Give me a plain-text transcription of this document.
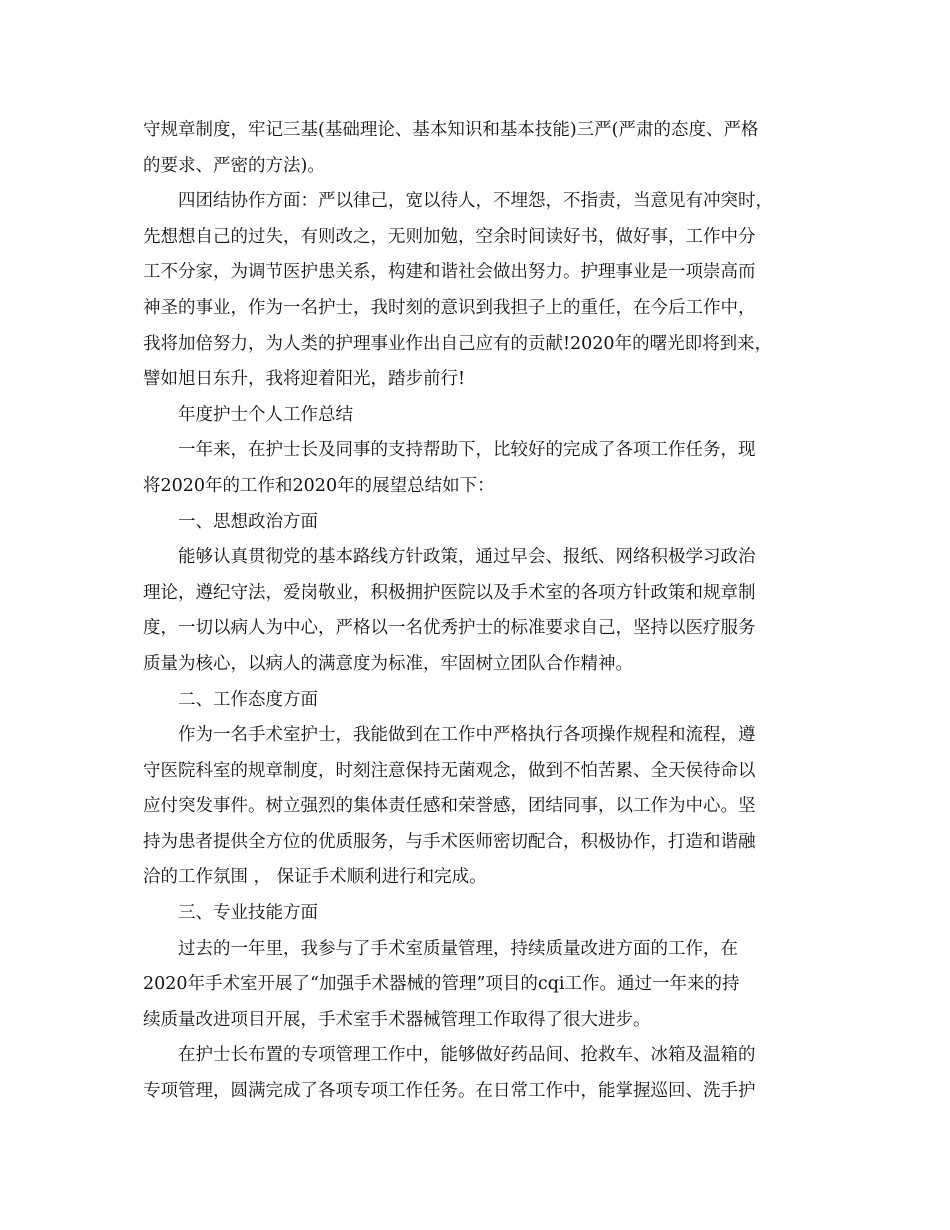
守规章制度，牢记三基(基础理论、基本知识和基本技能)三严(严肃的态度、严格
的要求、严密的方法)。
四团结协作方面：严以律己，宽以待人，不埋怨，不指责，当意见有冲突时，
先想想自己的过失，有则改之，无则加勉，空余时间读好书，做好事，工作中分
工不分家，为调节医护患关系，构建和谐社会做出努力。护理事业是一项崇高而
神圣的事业，作为一名护士，我时刻的意识到我担子上的重任，在今后工作中，
我将加倍努力，为人类的护理事业作出自己应有的贡献!2020年的曙光即将到来，
譬如旭日东升，我将迎着阳光，踏步前行!
年度护士个人工作总结
一年来，在护士长及同事的支持帮助下，比较好的完成了各项工作任务，现
将2020年的工作和2020年的展望总结如下：
一、思想政治方面
能够认真贯彻党的基本路线方针政策，通过早会、报纸、网络积极学习政治
理论，遵纪守法，爱岗敬业，积极拥护医院以及手术室的各项方针政策和规章制
度，一切以病人为中心，严格以一名优秀护士的标准要求自己，坚持以医疗服务
质量为核心，以病人的满意度为标准，牢固树立团队合作精神。
二、工作态度方面
作为一名手术室护士，我能做到在工作中严格执行各项操作规程和流程，遵
守医院科室的规章制度，时刻注意保持无菌观念，做到不怕苦累、全天侯待命以
应付突发事件。树立强烈的集体责任感和荣誉感，团结同事，以工作为中心。坚
持为患者提供全方位的优质服务，与手术医师密切配合，积极协作，打造和谐融
洽的工作氛围 ， 保证手术顺利进行和完成。
三、专业技能方面
过去的一年里，我参与了手术室质量管理，持续质量改进方面的工作，在
2020年手术室开展了“加强手术器械的管理”项目的cqi工作。通过一年来的持
续质量改进项目开展，手术室手术器械管理工作取得了很大进步。
在护士长布置的专项管理工作中，能够做好药品间、抢救车、冰箱及温箱的
专项管理，圆满完成了各项专项工作任务。在日常工作中，能掌握巡回、洗手护
